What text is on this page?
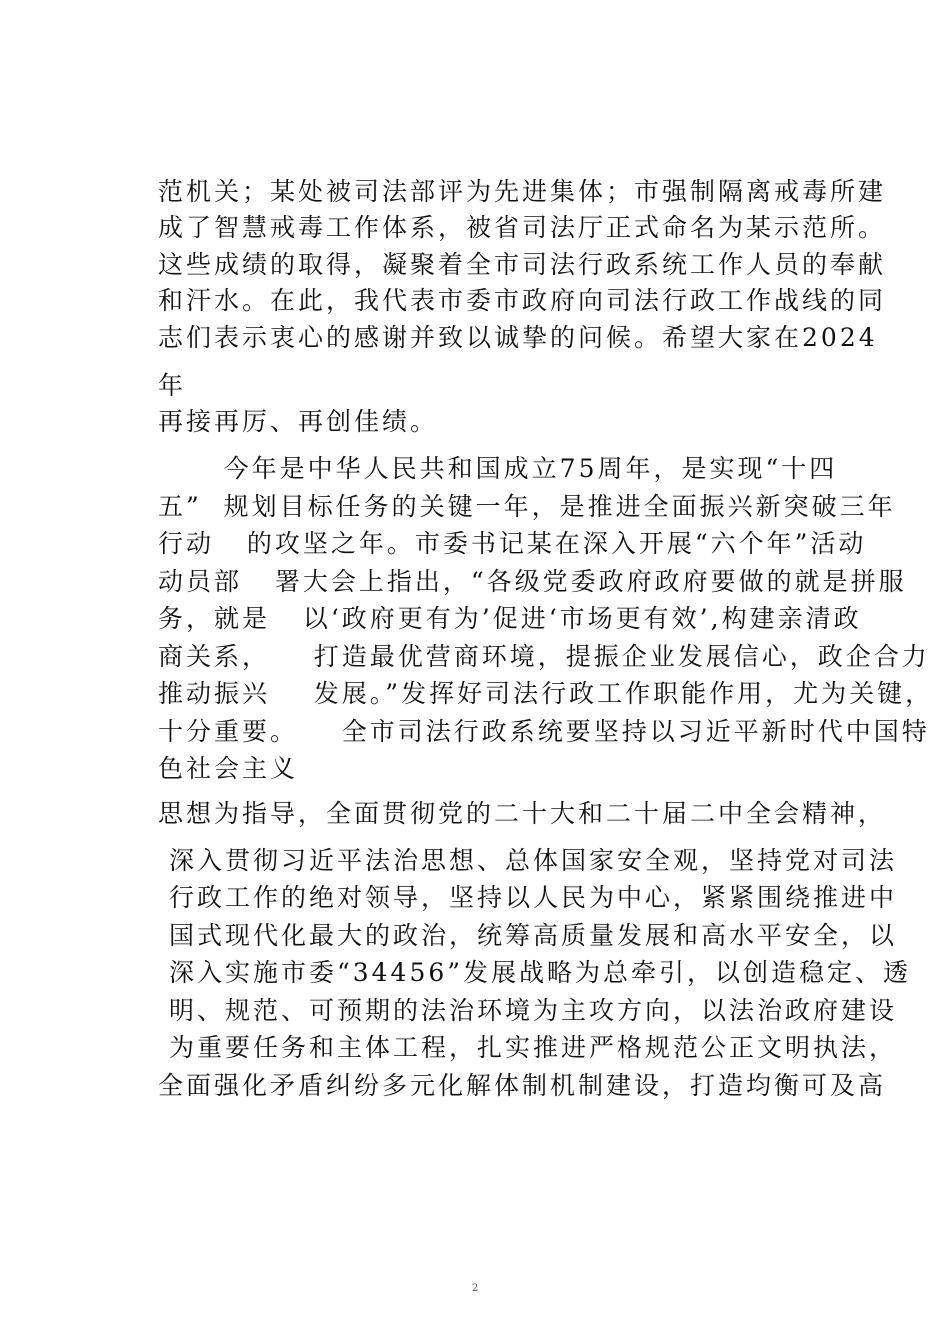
范机关；某处被司法部评为先进集体；市强制隔离戒毒所建
成了智慧戒毒工作体系，被省司法厅正式命名为某示范所。
这些成绩的取得，凝聚着全市司法行政系统工作人员的奉献
和汗水。在此，我代表市委市政府向司法行政工作战线的同
志们表示衷心的感谢并致以诚挚的问候。希望大家在2024
年
再接再厉、再创佳绩。
今年是中华人民共和国成立75周年，是实现“十四
五”  规划目标任务的关键一年，是推进全面振兴新突破三年
行动   的攻坚之年。市委书记某在深入开展“六个年”活动
动员部   署大会上指出，“各级党委政府政府要做的就是拼服
务，就是   以‘政府更有为’促进‘市场更有效’,构建亲清政
商关系，    打造最优营商环境，提振企业发展信心，政企合力
推动振兴    发展。”发挥好司法行政工作职能作用，尤为关键，
十分重要。    全市司法行政系统要坚持以习近平新时代中国特
色社会主义
思想为指导，全面贯彻党的二十大和二十届二中全会精神，
深入贯彻习近平法治思想、总体国家安全观，坚持党对司法
行政工作的绝对领导，坚持以人民为中心，紧紧围绕推进中
国式现代化最大的政治，统筹高质量发展和高水平安全，以
深入实施市委“34456”发展战略为总牵引，以创造稳定、透
明、规范、可预期的法治环境为主攻方向，以法治政府建设
为重要任务和主体工程，扎实推进严格规范公正文明执法，
全面强化矛盾纠纷多元化解体制机制建设，打造均衡可及高
2
